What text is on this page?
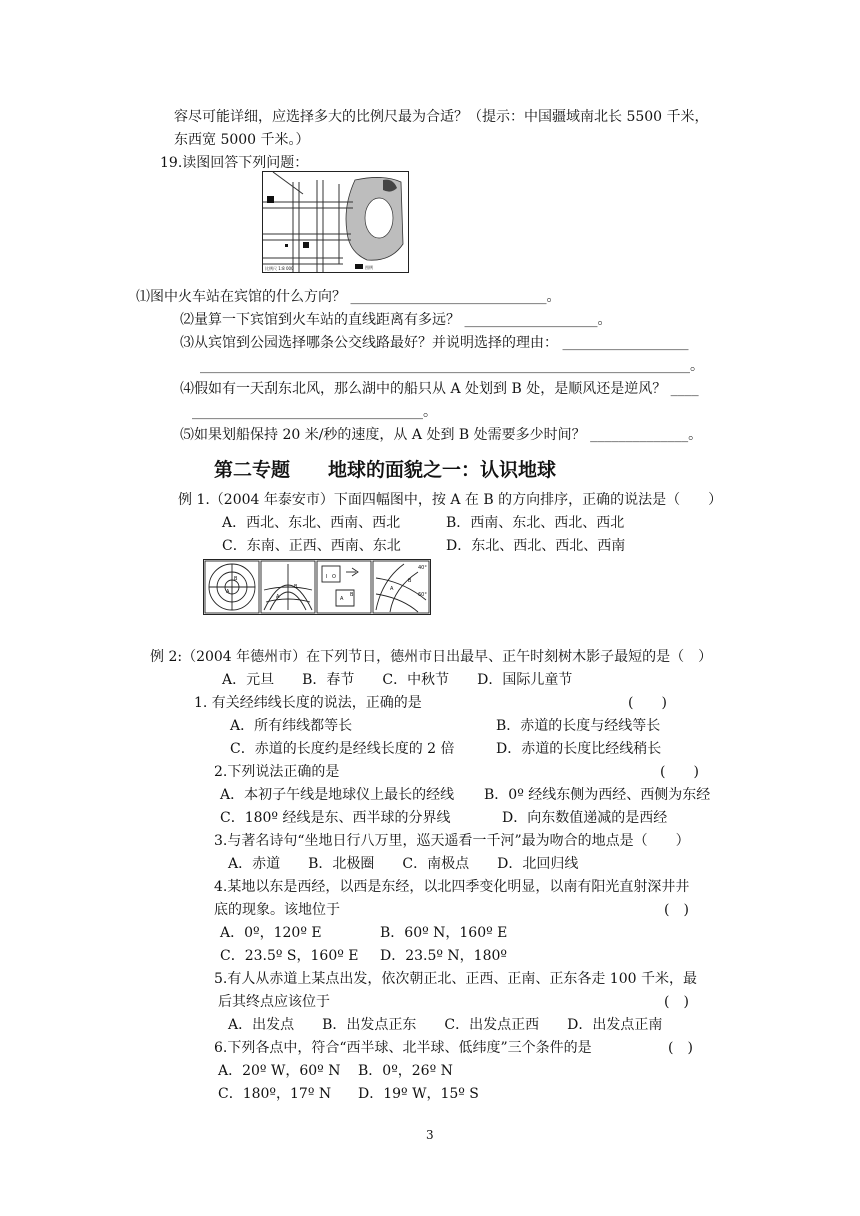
容尽可能详细，应选择多大的比例尺最为合适？（提示：中国疆域南北长 5500 千米，
东西宽 5000 千米。）
19.读图回答下列问题：
比例尺 1:8 000	图例
⑴图中火车站在宾馆的什么方向？ ____________________________。
⑵量算一下宾馆到火车站的直线距离有多远？ ___________________。
⑶从宾馆到公园选择哪条公交线路最好？并说明选择的理由： __________________
______________________________________________________________________。
⑷假如有一天刮东北风，那么湖中的船只从 A 处划到 B 处，是顺风还是逆风？ ____
_________________________________。
⑸如果划船保持 20 米/秒的速度，从 A 处到 B 处需要多少时间？ ______________。
第二专题　　地球的面貌之一：认识地球
例 1.（2004 年泰安市）下面四幅图中，按 A 在 B 的方向排序，正确的说法是（　　）
A．西北、东北、西南、西北	B．西南、东北、西北、西北
C．东南、正西、西南、东北	D．东北、西北、西北、西南
A
B
A
B
I O
A
B
A
B
40°
60°
例 2:（2004 年德州市）在下列节日，德州市日出最早、正午时刻树木影子最短的是（　）
A．元旦　　B．春节　　C．中秋节　　D．国际儿童节
1. 有关经纬线长度的说法，正确的是	(　　)
A．所有纬线都等长	B．赤道的长度与经线等长
C．赤道的长度约是经线长度的 2 倍	D．赤道的长度比经线稍长
2.下列说法正确的是	(　　)
A．本初子午线是地球仪上最长的经线 B．0º 经线东侧为西经、西侧为东经
C．180º 经线是东、西半球的分界线	D．向东数值递减的是西经
3.与著名诗句“坐地日行八万里，巡天遥看一千河”最为吻合的地点是（　　）
A．赤道　　B．北极圈　　C．南极点　　D．北回归线
4.某地以东是西经，以西是东经，以北四季变化明显，以南有阳光直射深井井
底的现象。该地位于	(　)
A．0º，120º E	B．60º N，160º E
C．23.5º S，160º E D．23.5º N，180º
5.有人从赤道上某点出发，依次朝正北、正西、正南、正东各走 100 千米，最
后其终点应该位于	(　)
A．出发点　　B．出发点正东　　C．出发点正西　　D．出发点正南
6.下列各点中，符合“西半球、北半球、低纬度”三个条件的是	(　)
A．20º W，60º N B．0º，26º N
C．180º，17º N D．19º W，15º S
3
